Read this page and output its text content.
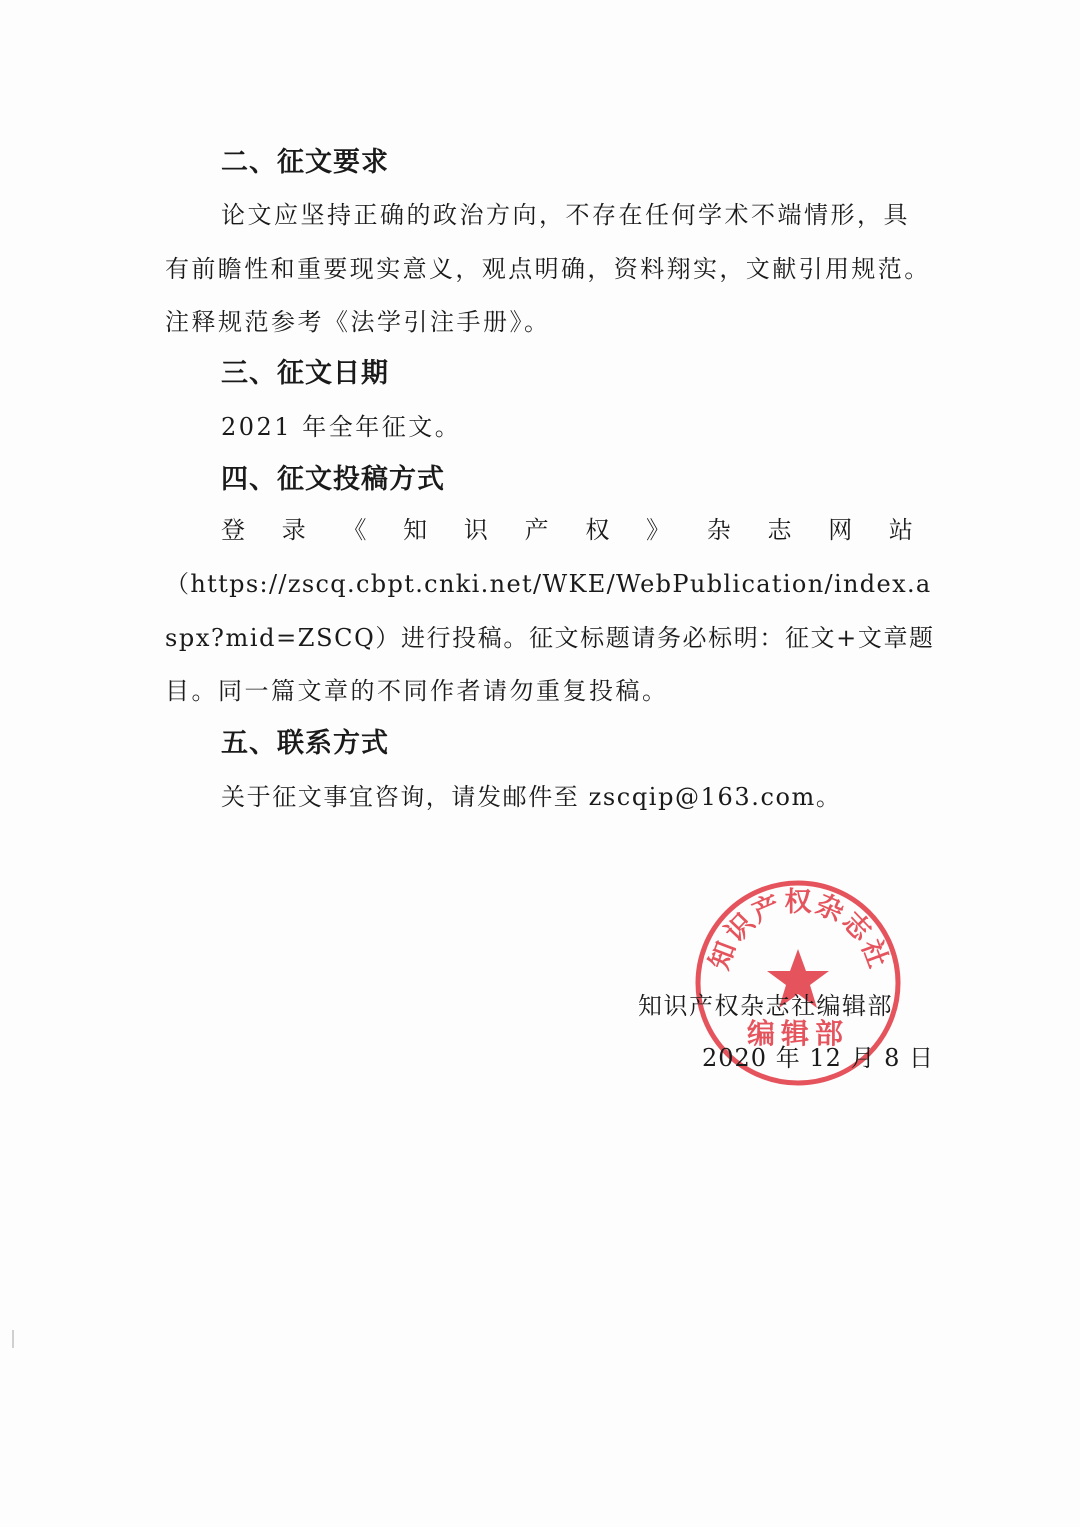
二、征文要求
论文应坚持正确的政治方向，不存在任何学术不端情形，具
有前瞻性和重要现实意义，观点明确，资料翔实，文献引用规范。
注释规范参考《法学引注手册》。
三、征文日期
2021 年全年征文。
四、征文投稿方式
登 录 《 知 识 产 权 》 杂 志 网 站
（https://zscq.cbpt.cnki.net/WKE/WebPublication/index.a
spx?mid=ZSCQ）进行投稿。征文标题请务必标明：征文+文章题
目。同一篇文章的不同作者请勿重复投稿。
五、联系方式
关于征文事宜咨询，请发邮件至 zscqip@163.com。
知识产权杂志社
编辑部
知识产权杂志社编辑部
2020 年 12 月 8 日
